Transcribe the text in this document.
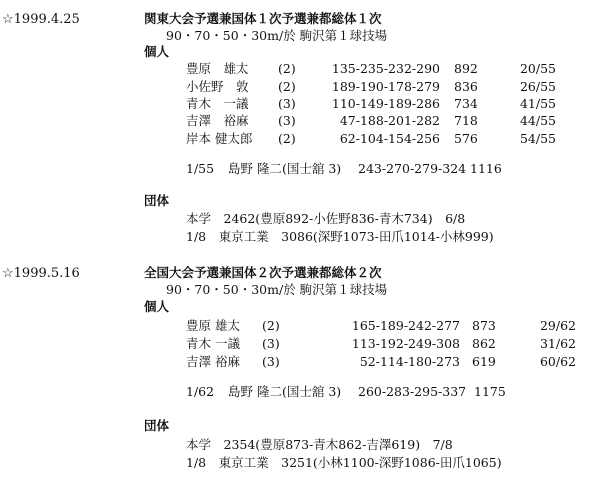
☆1999.4.25	関東大会予選兼国体１次予選兼都総体１次
90・70・50・30m/於 駒沢第１球技場
個人
豊原　雄太 (2)	135-235-232-290 892	20/55
小佐野　敦 (2)	189-190-178-279 836	26/55
青木　一議 (3)	110-149-189-286 734	41/55
吉澤　裕麻 (3)	47-188-201-282 718	44/55
岸本 健太郎 (2)	62-104-154-256 576	54/55
1/55 島野 隆二(国士舘 3) 243-270-279-324 1116
団体
本学　2462(豊原892-小佐野836-青木734)　6/8
1/8　東京工業　3086(深野1073-田爪1014-小林999)
☆1999.5.16	全国大会予選兼国体２次予選兼都総体２次
90・70・50・30m/於 駒沢第１球技場
個人
豊原 雄太 (2)	165-189-242-277 873	29/62
青木 一議 (3)	113-192-249-308 862	31/62
吉澤 裕麻 (3)	52-114-180-273 619	60/62
1/62 島野 隆二(国士舘 3) 260-283-295-337 1175
団体
本学　2354(豊原873-青木862-吉澤619)　7/8
1/8　東京工業　3251(小林1100-深野1086-田爪1065)
